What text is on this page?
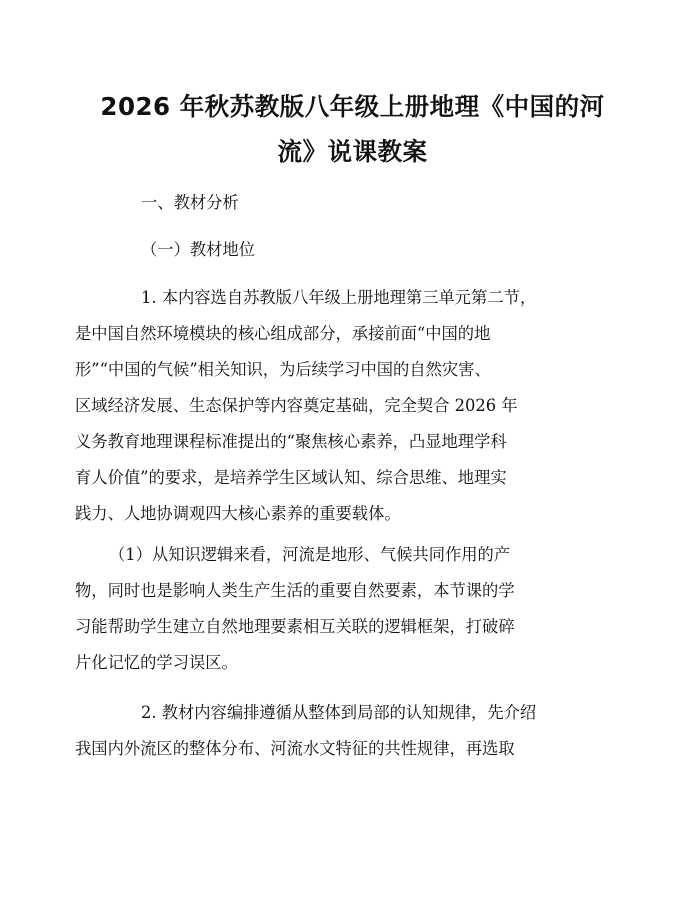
2026 年秋苏教版八年级上册地理《中国的河
流》说课教案
一、教材分析
（一）教材地位
1. 本内容选自苏教版八年级上册地理第三单元第二节，
是中国自然环境模块的核心组成部分，承接前面“中国的地
形”“中国的气候”相关知识，为后续学习中国的自然灾害、
区域经济发展、生态保护等内容奠定基础，完全契合 2026 年
义务教育地理课程标准提出的“聚焦核心素养，凸显地理学科
育人价值”的要求，是培养学生区域认知、综合思维、地理实
践力、人地协调观四大核心素养的重要载体。
（1）从知识逻辑来看，河流是地形、气候共同作用的产
物，同时也是影响人类生产生活的重要自然要素，本节课的学
习能帮助学生建立自然地理要素相互关联的逻辑框架，打破碎
片化记忆的学习误区。
2. 教材内容编排遵循从整体到局部的认知规律，先介绍
我国内外流区的整体分布、河流水文特征的共性规律，再选取
